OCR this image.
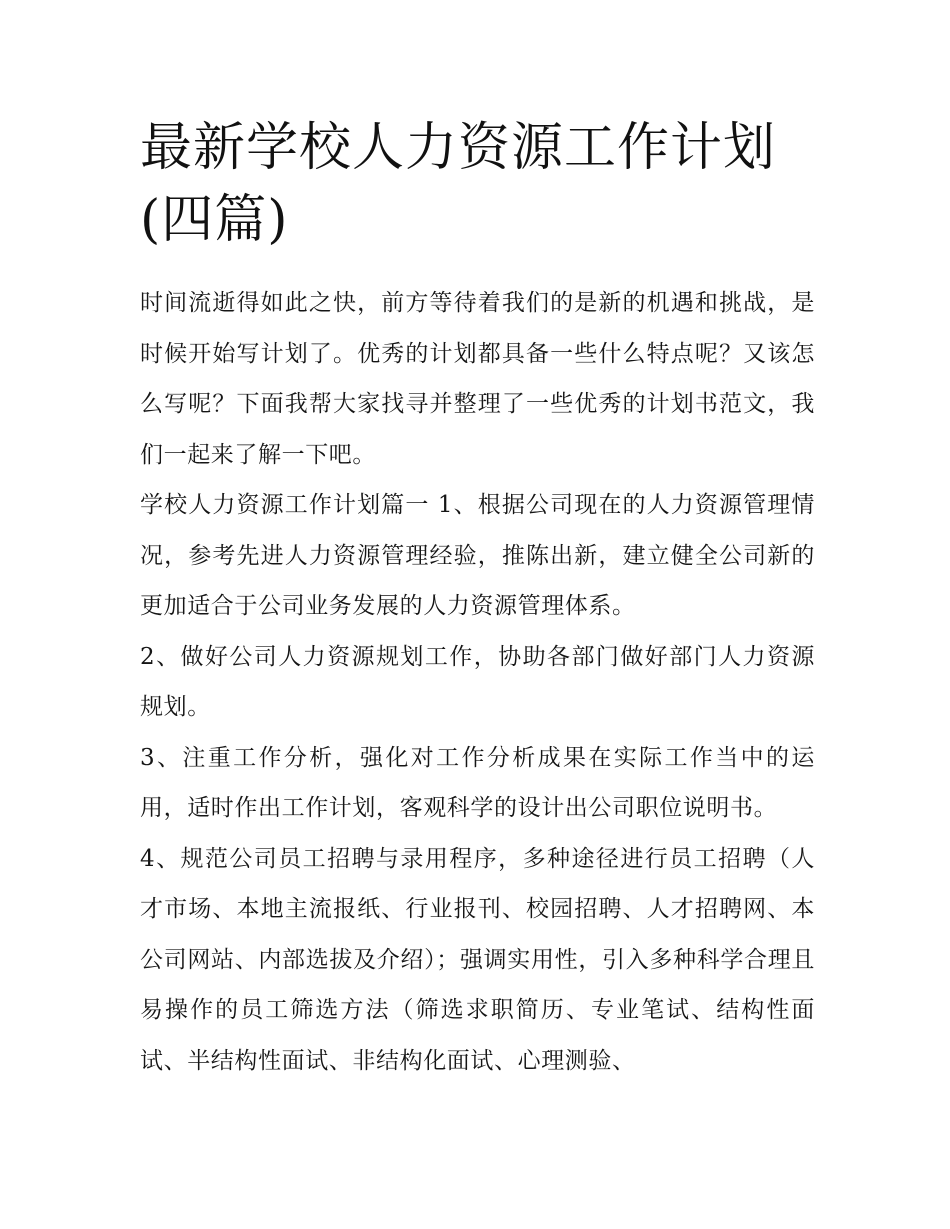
最新学校人力资源工作计划(四篇)

时间流逝得如此之快，前方等待着我们的是新的机遇和挑战，是时候开始写计划了。优秀的计划都具备一些什么特点呢？又该怎么写呢？下面我帮大家找寻并整理了一些优秀的计划书范文，我们一起来了解一下吧。

学校人力资源工作计划篇一 1、根据公司现在的人力资源管理情况，参考先进人力资源管理经验，推陈出新，建立健全公司新的更加适合于公司业务发展的人力资源管理体系。

2、做好公司人力资源规划工作，协助各部门做好部门人力资源规划。

3、注重工作分析，强化对工作分析成果在实际工作当中的运用，适时作出工作计划，客观科学的设计出公司职位说明书。

4、规范公司员工招聘与录用程序，多种途径进行员工招聘（人才市场、本地主流报纸、行业报刊、校园招聘、人才招聘网、本公司网站、内部选拔及介绍）；强调实用性，引入多种科学合理且易操作的员工筛选方法（筛选求职简历、专业笔试、结构性面试、半结构性面试、非结构化面试、心理测验、
